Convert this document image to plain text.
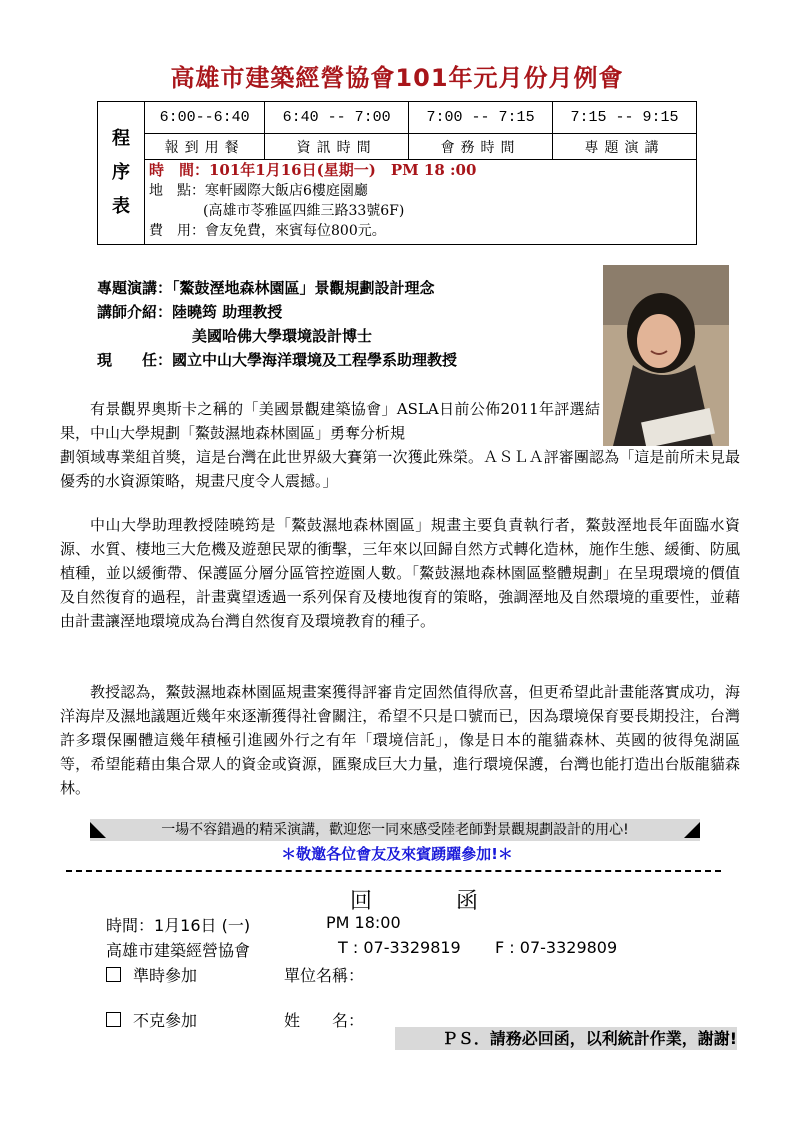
高雄市建築經營協會101年元月份月例會
程
序
表	6:00--6:40	6:40 -- 7:00	7:00 -- 7:15	7:15 -- 9:15
	報到用餐	資訊時間	會務時間	專題演講
	時　間：101年1月16日(星期一)　PM 18 :00
地　點：寒軒國際大飯店6樓庭園廳

(高雄市苓雅區四維三路33號6F)
費　用：會友免費，來賓每位800元。			
專題演講：「鰲鼓溼地森林園區」景觀規劃設計理念
講師介紹：陸曉筠 助理教授
美國哈佛大學環境設計博士
現　　任：國立中山大學海洋環境及工程學系助理教授

有景觀界奧斯卡之稱的「美國景觀建築協會」ASLA日前公佈2011年評選結果，中山大學規劃「鰲鼓濕地森林園區」勇奪分析規

劃領域專業組首獎，這是台灣在此世界級大賽第一次獲此殊榮。ＡＳＬＡ評審團認為「這是前所未見最優秀的水資源策略，規畫尺度令人震撼。」

中山大學助理教授陸曉筠是「鰲鼓濕地森林園區」規畫主要負責執行者，鰲鼓溼地長年面臨水資源、水質、棲地三大危機及遊憩民眾的衝擊，三年來以回歸自然方式轉化造林，施作生態、緩衝、防風植種，並以緩衝帶、保護區分層分區管控遊園人數。「鰲鼓濕地森林園區整體規劃」在呈現環境的價值及自然復育的過程，計畫冀望透過一系列保育及棲地復育的策略，強調溼地及自然環境的重要性，並藉由計畫讓溼地環境成為台灣自然復育及環境教育的種子。

教授認為，鰲鼓濕地森林園區規畫案獲得評審肯定固然值得欣喜，但更希望此計畫能落實成功，海洋海岸及濕地議題近幾年來逐漸獲得社會關注，希望不只是口號而已，因為環境保育要長期投注，台灣許多環保團體這幾年積極引進國外行之有年「環境信託」，像是日本的龍貓森林、英國的彼得兔湖區等，希望能藉由集合眾人的資金或資源，匯聚成巨大力量，進行環境保護，台灣也能打造出台版龍貓森林。

一場不容錯過的精采演講，歡迎您一同來感受陸老師對景觀規劃設計的用心!
＊敬邀各位會友及來賓踴躍參加!＊
回函
時間：1月16日 (一)	PM 18:00
高雄市建築經營協會	T : 07-3329819 F : 07-3329809
準時參加	單位名稱：
不克參加	姓　　名：
ＰＳ．請務必回函，以利統計作業，謝謝!
